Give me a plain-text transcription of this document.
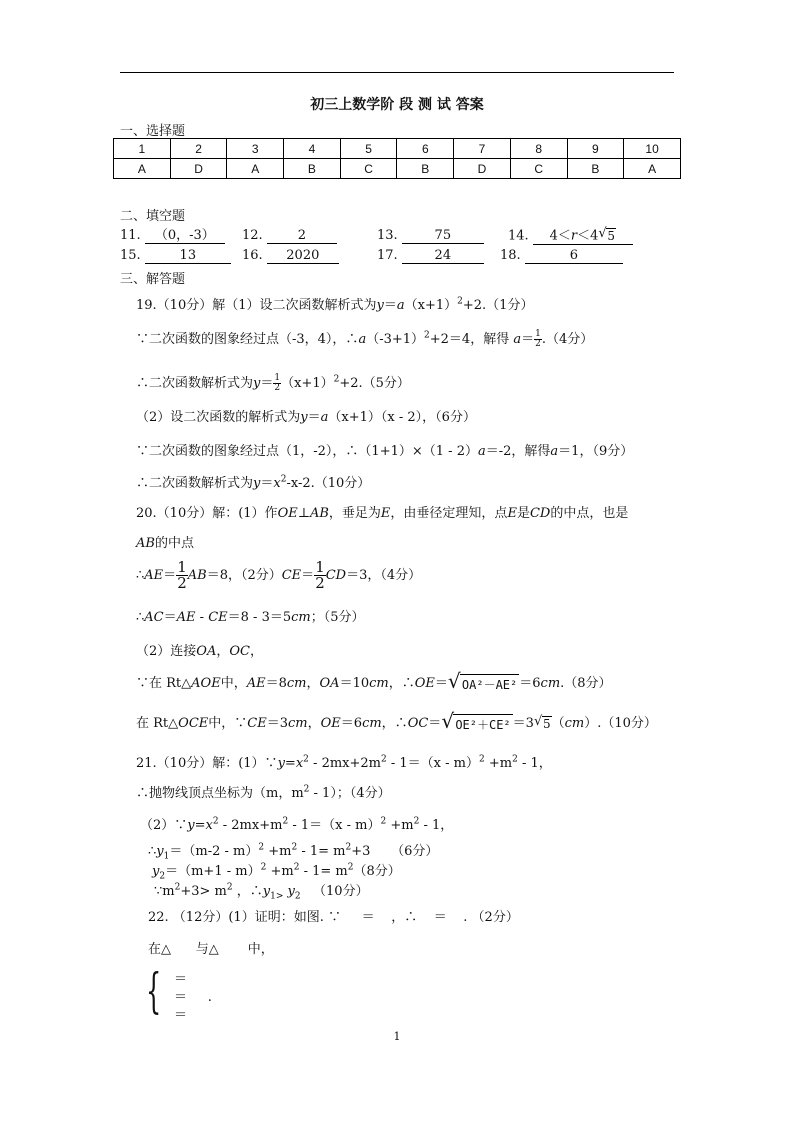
初三上数学阶 段 测 试 答案
一、选择题
1	2	3	4	5	6	7	8	9	10
A	D	A	B	C	B	D	C	B	A
二、填空题
11. （0，-3）	12.	2	13.	75	14. 4＜r＜4 √ 5
15.	13	16. 2020	17.	24	18.	6
三、解答题
19.（10分）解（1）设二次函数解析式为$y=a(x+1)^2+2.(1$分）
∵二次函数的图象经过点（-3，4），$\therefore a(-3+1)^2+2=4$，解得 $a= \frac{1}{2} .(4$分）
∴二次函数解析式为$y= \frac{1}{2} (x+1)^2+2.(5$分）
（2）设二次函数的解析式为y＝a（x+1）（x - 2），（6分）
∵二次函数的图象经过点（1，-2），∴（1+1）×（1 - 2）a＝-2，解得a＝1，（9分）
∴二次函数解析式为$y=x^2-x-2.(10$分）
20.（10分）解：(1）作OE⊥AB，垂足为E，由垂径定理知，点E是CD的中点，也是
AB的中点
∴AE＝ $\frac{1}{2} AB=8$，（2分）$CE= \frac{1}{2} CD=3$，（4分）
∴AC＝AE - CE＝8 - 3＝5cm；（5分）
（2）连接OA，OC，
∵在 Rt△AOE中，AE＝8cm，OA＝10cm，∴OE＝ √ OA²－AE² ＝6cm.（8分）
在 Rt△OCE中，∵CE＝3cm，OE＝6cm，∴OC＝ √ OE²＋CE² ＝3 √ 5（cm）.（10分）
21.（10分）解：$(1)\because y=x^2 - 2mx+2m^2 - 1=(x - m)^2 +m^2 - 1$，
∴抛物线顶点坐标为（m，$m^2 - 1$）；（4分）
$(2)\because y=x^2 - 2mx+m^2 - 1=(x - m)^2 +m^2 - 1$，
$\therefore y_1=(m-2 - m)^2 +m^2 - 1= m^2+3$ （6分）
$y_2=(m+1 - m)^2 +m^2 - 1= m^2(8$分）
$\because m^2+3> m^2$ ，$\therefore y_{1>}$ $y_2$ （10分）
22. （12分）(1）证明：如图. ∵ ＝ ，∴ ＝ . （2分）
在△ 与△ 中，
{ ＝
＝ .
＝
1
